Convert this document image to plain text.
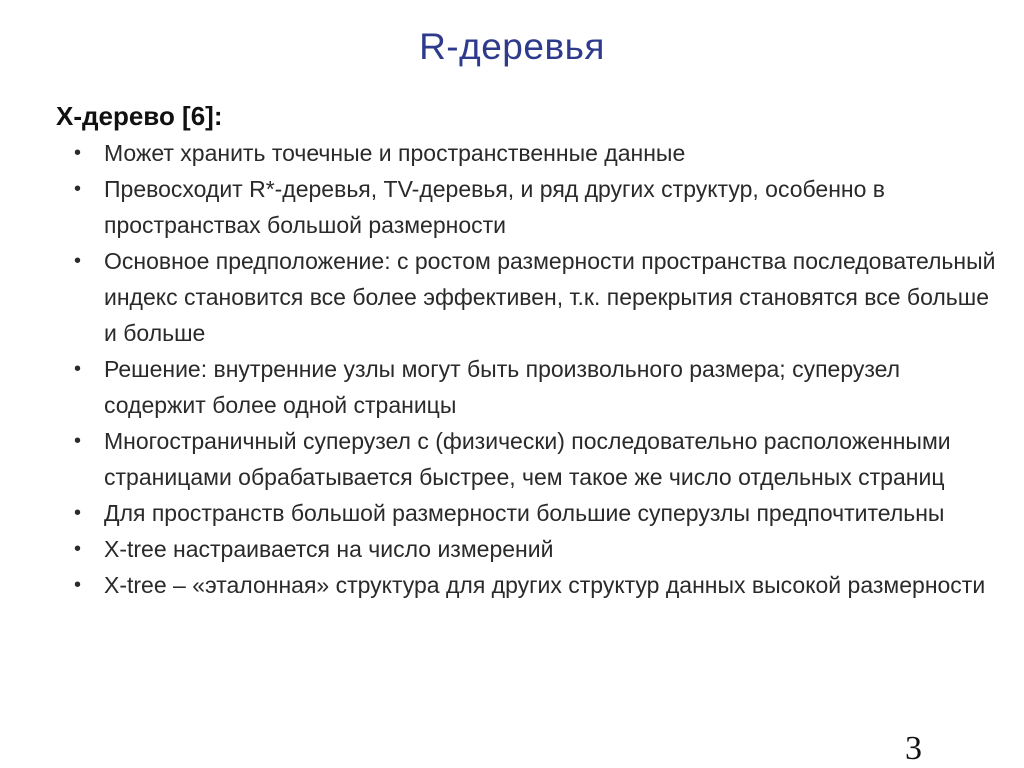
R-деревья
X-дерево [6]:
• Может хранить точечные и пространственные данные
• Превосходит R*-деревья, TV-деревья, и ряд других структур, особенно в пространствах большой размерности
• Основное предположение: с ростом размерности пространства последовательный индекс становится все более эффективен, т.к. перекрытия становятся все больше и больше
• Решение: внутренние узлы могут быть произвольного размера; суперузел содержит более одной страницы
• Многостраничный суперузел с (физически) последовательно расположенными страницами обрабатывается быстрее, чем такое же число отдельных страниц
• Для пространств большой размерности большие суперузлы предпочтительны
• X-tree настраивается на число измерений
• X-tree – «эталонная» структура для других структур данных высокой размерности
3
